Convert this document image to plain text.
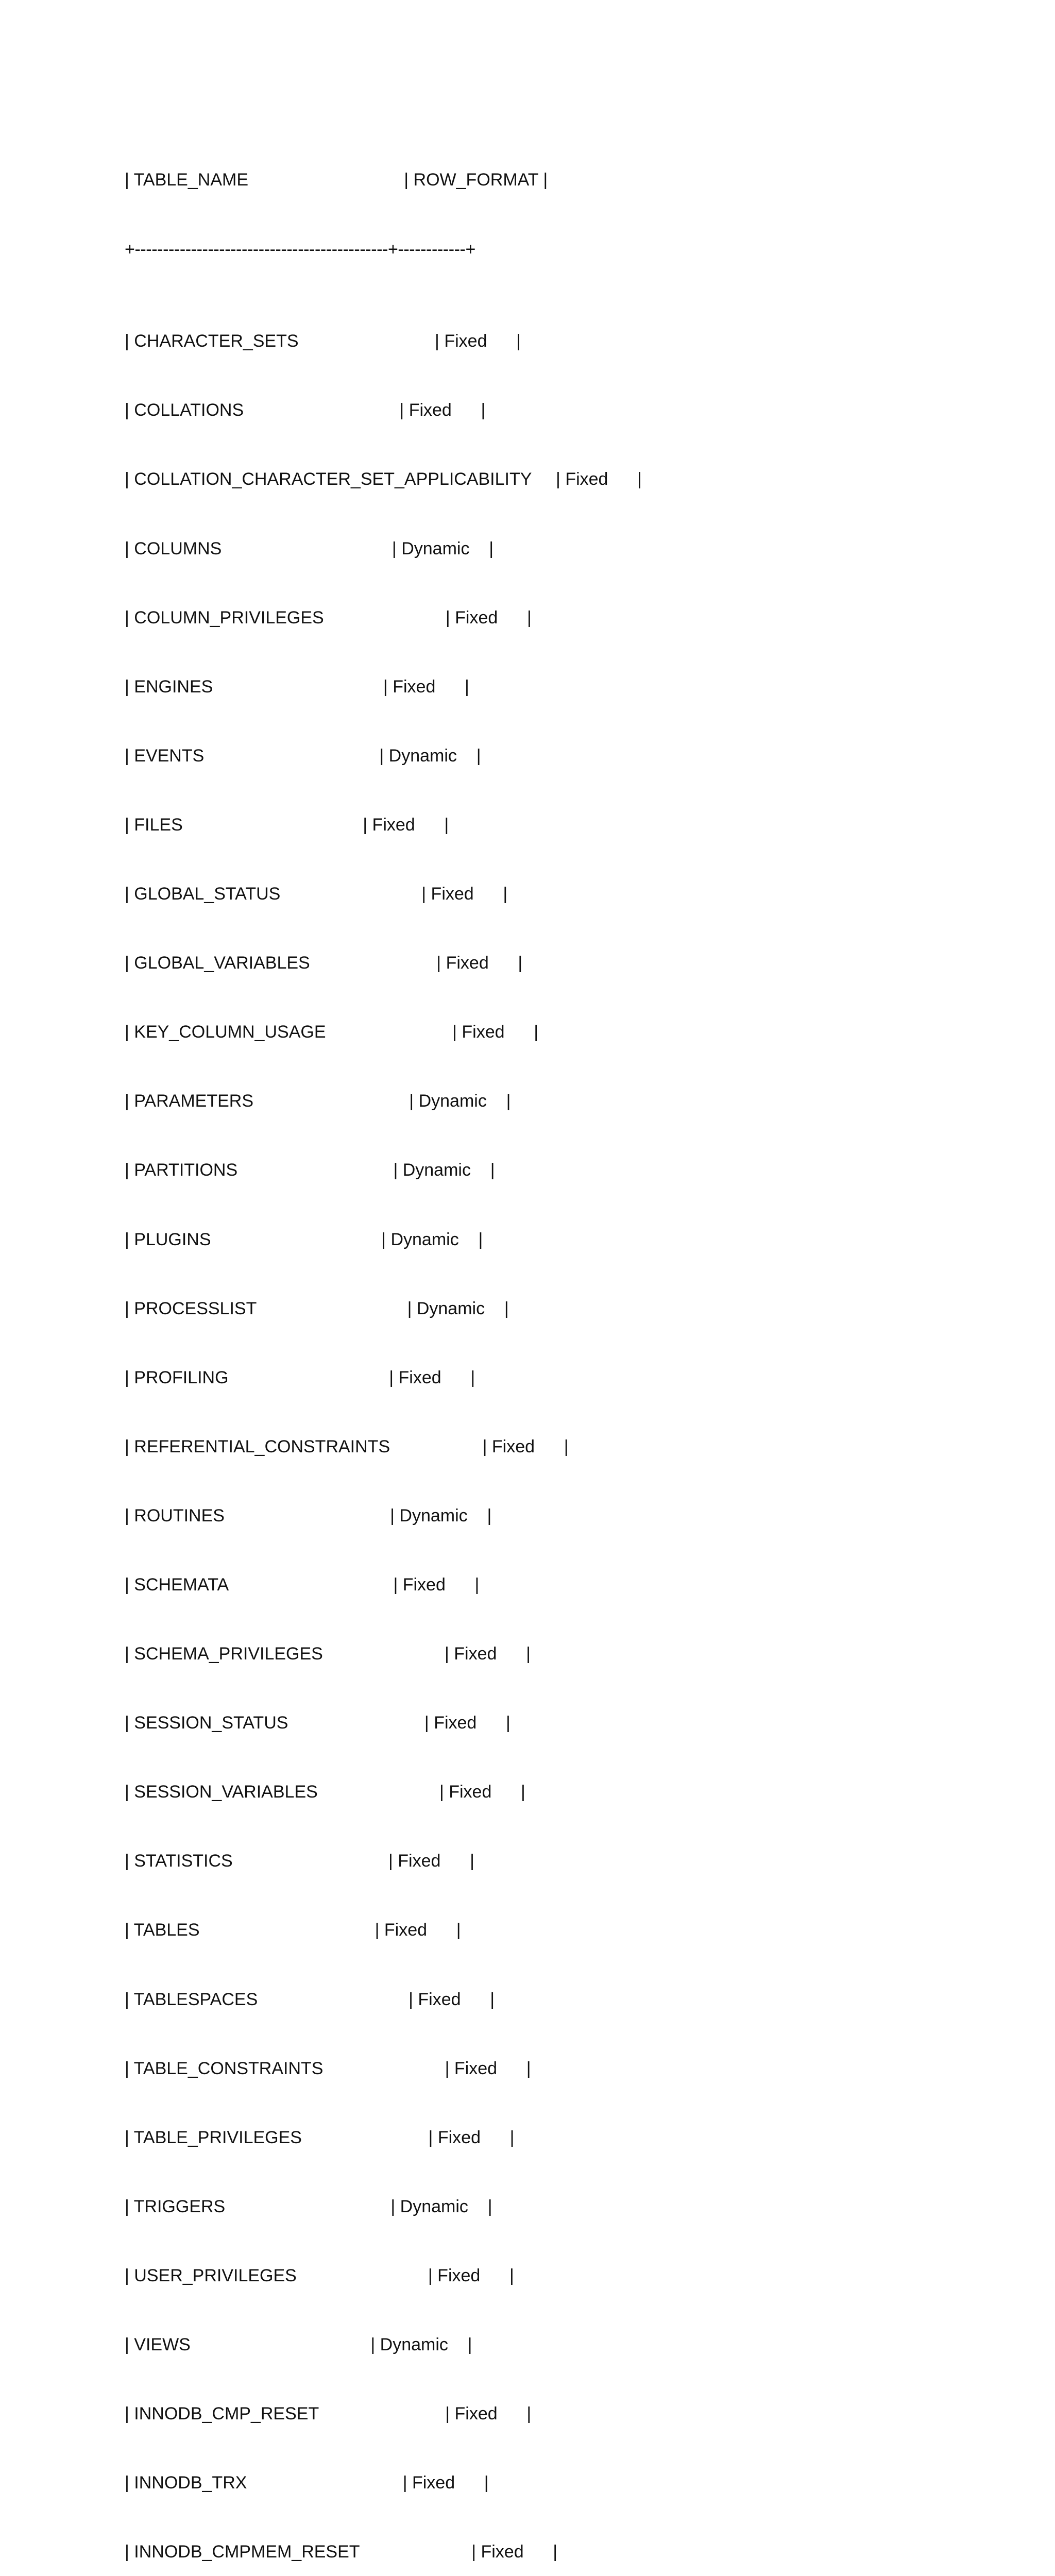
| TABLE_NAME                                | ROW_FORMAT |

+---------------------------------------------+------------+

| CHARACTER_SETS                            | Fixed      |

| COLLATIONS                                | Fixed      |

| COLLATION_CHARACTER_SET_APPLICABILITY     | Fixed      |

| COLUMNS                                   | Dynamic    |

| COLUMN_PRIVILEGES                         | Fixed      |

| ENGINES                                   | Fixed      |

| EVENTS                                    | Dynamic    |

| FILES                                     | Fixed      |

| GLOBAL_STATUS                             | Fixed      |

| GLOBAL_VARIABLES                          | Fixed      |

| KEY_COLUMN_USAGE                          | Fixed      |

| PARAMETERS                                | Dynamic    |

| PARTITIONS                                | Dynamic    |

| PLUGINS                                   | Dynamic    |

| PROCESSLIST                               | Dynamic    |

| PROFILING                                 | Fixed      |

| REFERENTIAL_CONSTRAINTS                   | Fixed      |

| ROUTINES                                  | Dynamic    |

| SCHEMATA                                  | Fixed      |

| SCHEMA_PRIVILEGES                         | Fixed      |

| SESSION_STATUS                            | Fixed      |

| SESSION_VARIABLES                         | Fixed      |

| STATISTICS                                | Fixed      |

| TABLES                                    | Fixed      |

| TABLESPACES                               | Fixed      |

| TABLE_CONSTRAINTS                         | Fixed      |

| TABLE_PRIVILEGES                          | Fixed      |

| TRIGGERS                                  | Dynamic    |

| USER_PRIVILEGES                           | Fixed      |

| VIEWS                                     | Dynamic    |

| INNODB_CMP_RESET                          | Fixed      |

| INNODB_TRX                                | Fixed      |

| INNODB_CMPMEM_RESET                       | Fixed      |
